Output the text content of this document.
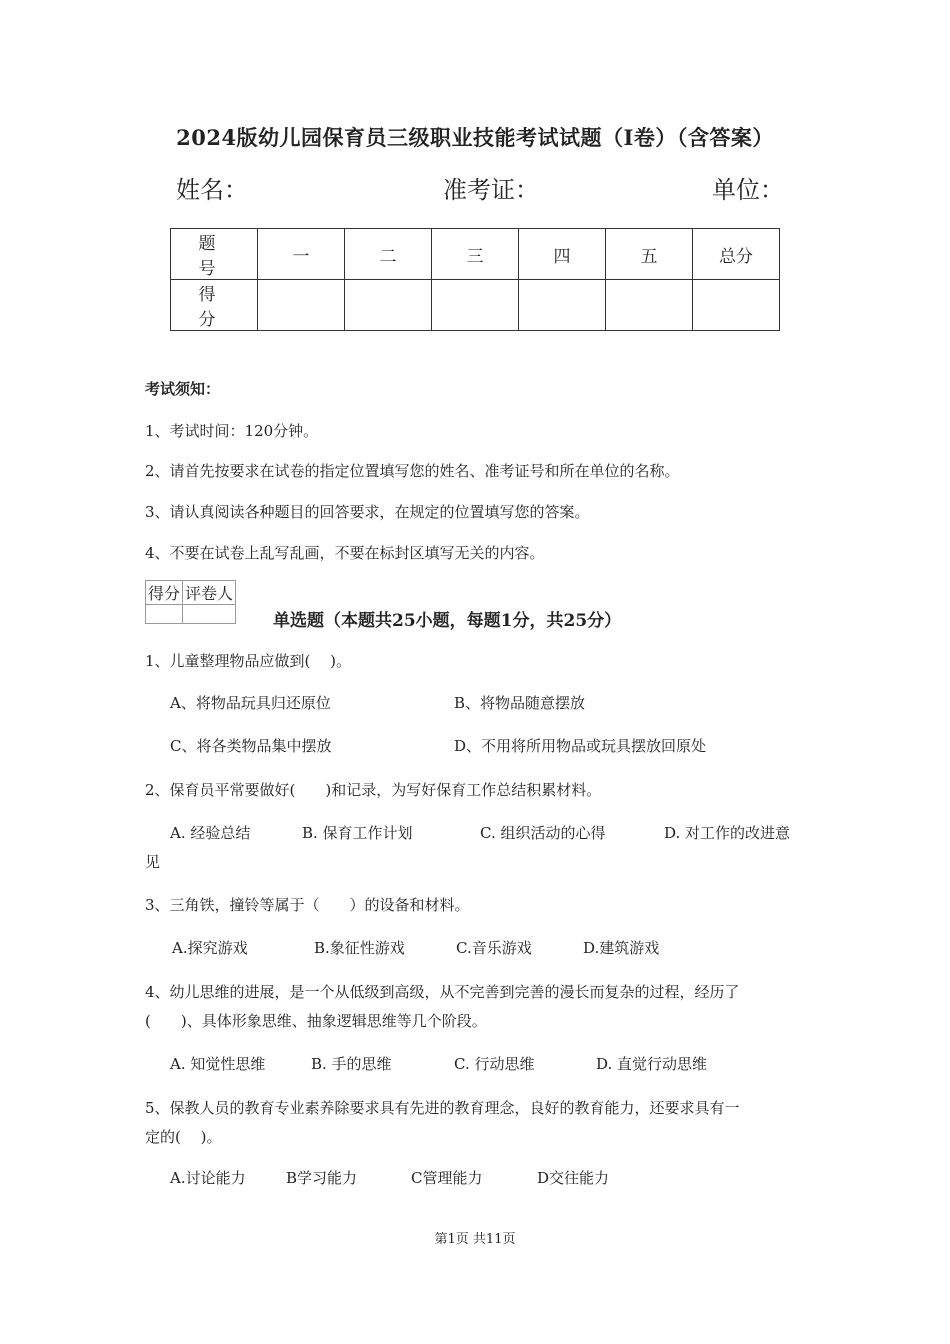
2024版幼儿园保育员三级职业技能考试试题（I卷）（含答案）
姓名：	准考证：	单位：
题　号	一	二	三	四	五	总分
得　分						
考试须知：
1、考试时间：120分钟。
2、请首先按要求在试卷的指定位置填写您的姓名、准考证号和所在单位的名称。
3、请认真阅读各种题目的回答要求，在规定的位置填写您的答案。
4、不要在试卷上乱写乱画，不要在标封区填写无关的内容。
得分	评卷人

单选题（本题共25小题，每题1分，共25分）
1、儿童整理物品应做到(　 )。
A、将物品玩具归还原位	B、将物品随意摆放
C、将各类物品集中摆放	D、不用将所用物品或玩具摆放回原处
2、保育员平常要做好(　　)和记录，为写好保育工作总结积累材料。
A. 经验总结	B. 保育工作计划	C. 组织活动的心得	D. 对工作的改进意
见
3、三角铁，撞铃等属于（　　）的设备和材料。
A.探究游戏	B.象征性游戏	C.音乐游戏	D.建筑游戏
4、幼儿思维的进展，是一个从低级到高级，从不完善到完善的漫长而复杂的过程，经历了
(　　)、具体形象思维、抽象逻辑思维等几个阶段。
A. 知觉性思维	B. 手的思维	C. 行动思维	D. 直觉行动思维
5、保教人员的教育专业素养除要求具有先进的教育理念，良好的教育能力，还要求具有一
定的(　 )。
A.讨论能力	B学习能力	C管理能力	D交往能力
第1页 共11页
